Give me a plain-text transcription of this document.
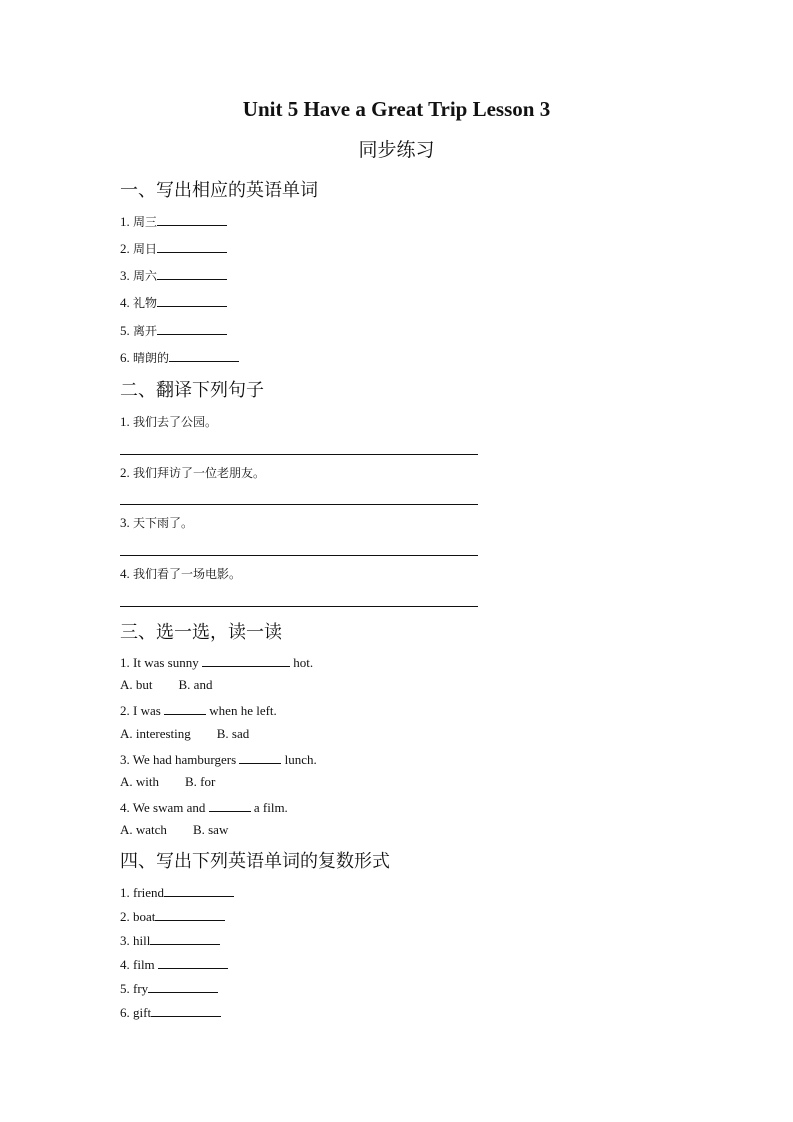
Unit 5 Have a Great Trip Lesson 3
同步练习
一、写出相应的英语单词
1. 周三
2. 周日
3. 周六
4. 礼物
5. 离开
6. 晴朗的
二、翻译下列句子
1. 我们去了公园。
2. 我们拜访了一位老朋友。
3. 天下雨了。
4. 我们看了一场电影。
三、选一选，读一读
1. It was sunny	hot.
A. but B. and
2. I was	when he left.
A. interesting B. sad
3. We had hamburgers	lunch.
A. with B. for
4. We swam and	a film.
A. watch B. saw
四、写出下列英语单词的复数形式
1. friend
2. boat
3. hill
4. film
5. fry
6. gift
